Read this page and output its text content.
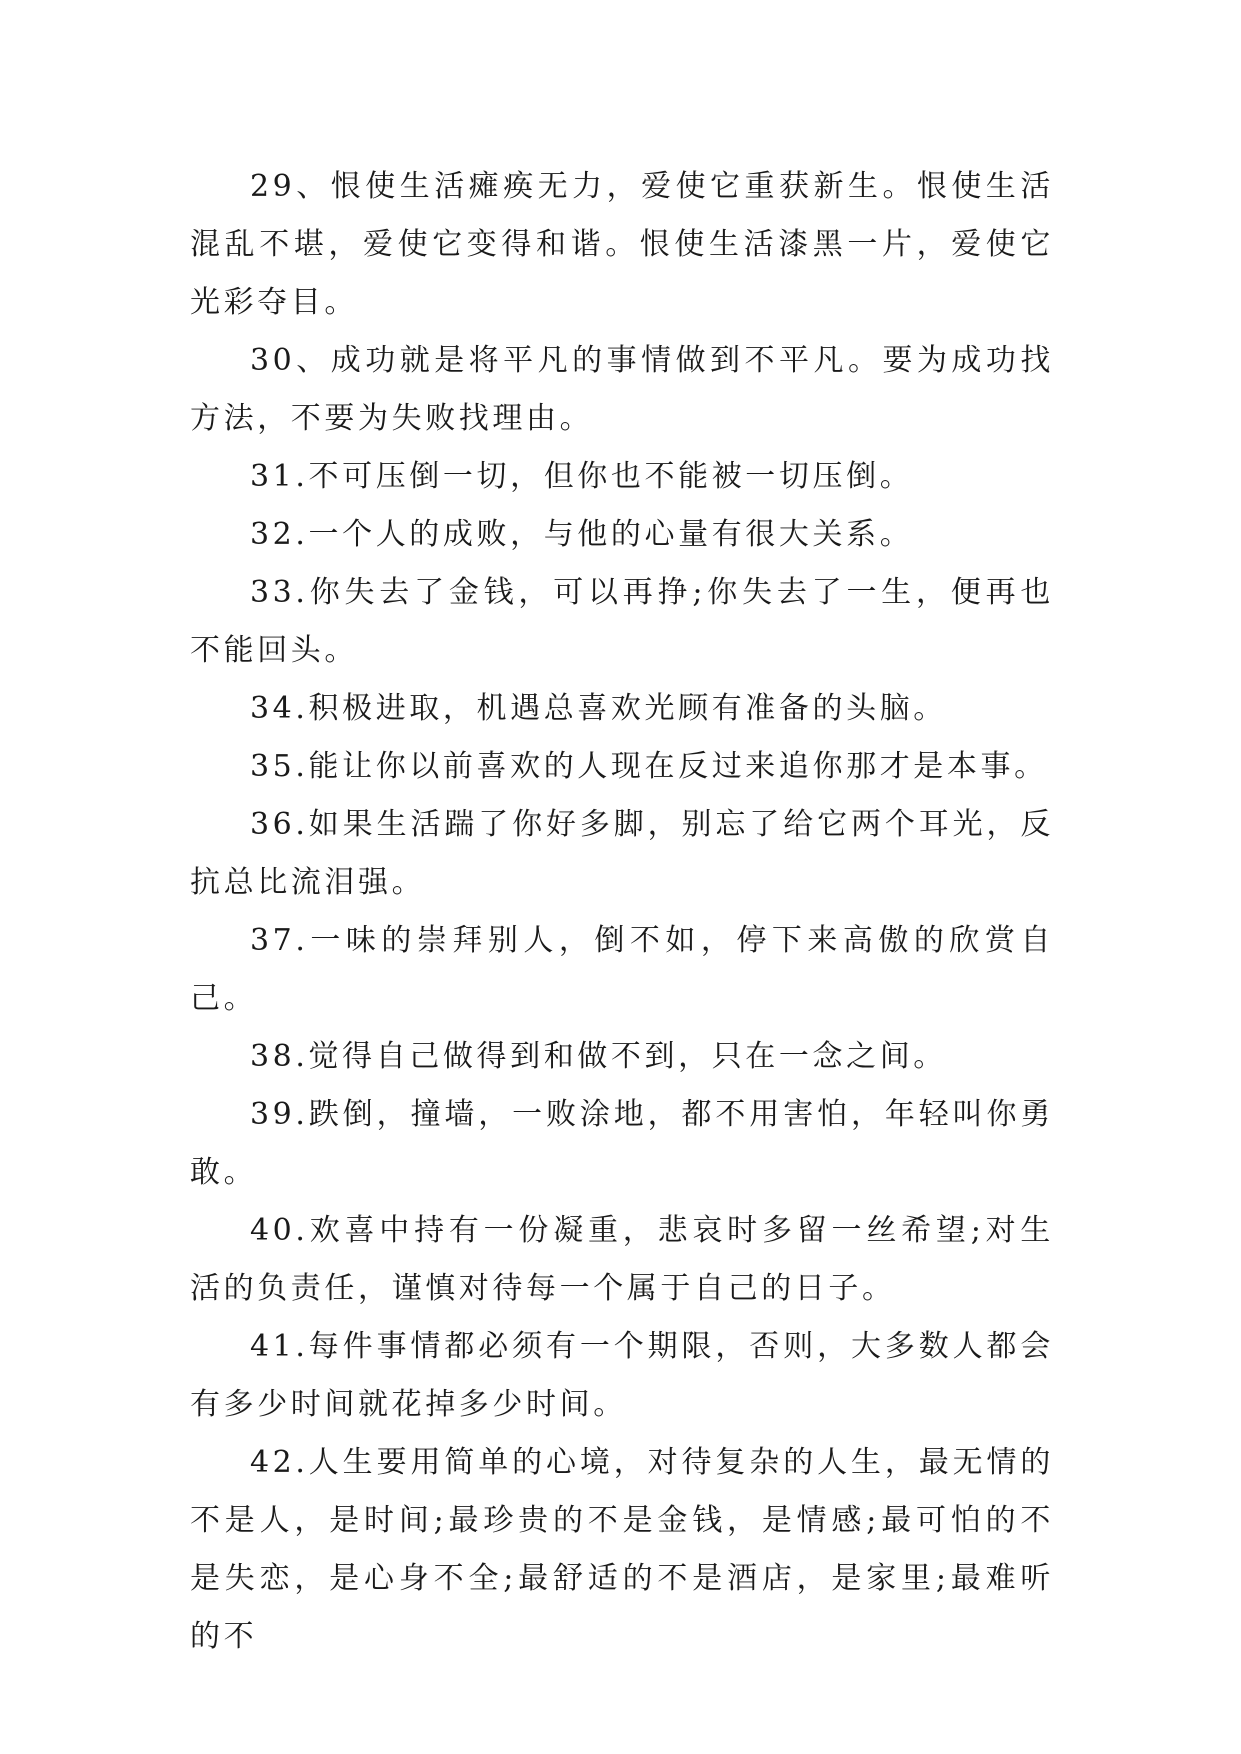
29、恨使生活瘫痪无力，爱使它重获新生。恨使生活混乱不堪，爱使它变得和谐。恨使生活漆黑一片，爱使它光彩夺目。

30、成功就是将平凡的事情做到不平凡。要为成功找方法，不要为失败找理由。

31.不可压倒一切，但你也不能被一切压倒。

32.一个人的成败，与他的心量有很大关系。

33.你失去了金钱，可以再挣;你失去了一生，便再也不能回头。

34.积极进取，机遇总喜欢光顾有准备的头脑。

35.能让你以前喜欢的人现在反过来追你那才是本事。

36.如果生活踹了你好多脚，别忘了给它两个耳光，反抗总比流泪强。

37.一味的崇拜别人，倒不如，停下来高傲的欣赏自己。

38.觉得自己做得到和做不到，只在一念之间。

39.跌倒，撞墙，一败涂地，都不用害怕，年轻叫你勇敢。

40.欢喜中持有一份凝重，悲哀时多留一丝希望;对生活的负责任，谨慎对待每一个属于自己的日子。

41.每件事情都必须有一个期限，否则，大多数人都会有多少时间就花掉多少时间。

42.人生要用简单的心境，对待复杂的人生，最无情的不是人，是时间;最珍贵的不是金钱，是情感;最可怕的不是失恋，是心身不全;最舒适的不是酒店，是家里;最难听的不
